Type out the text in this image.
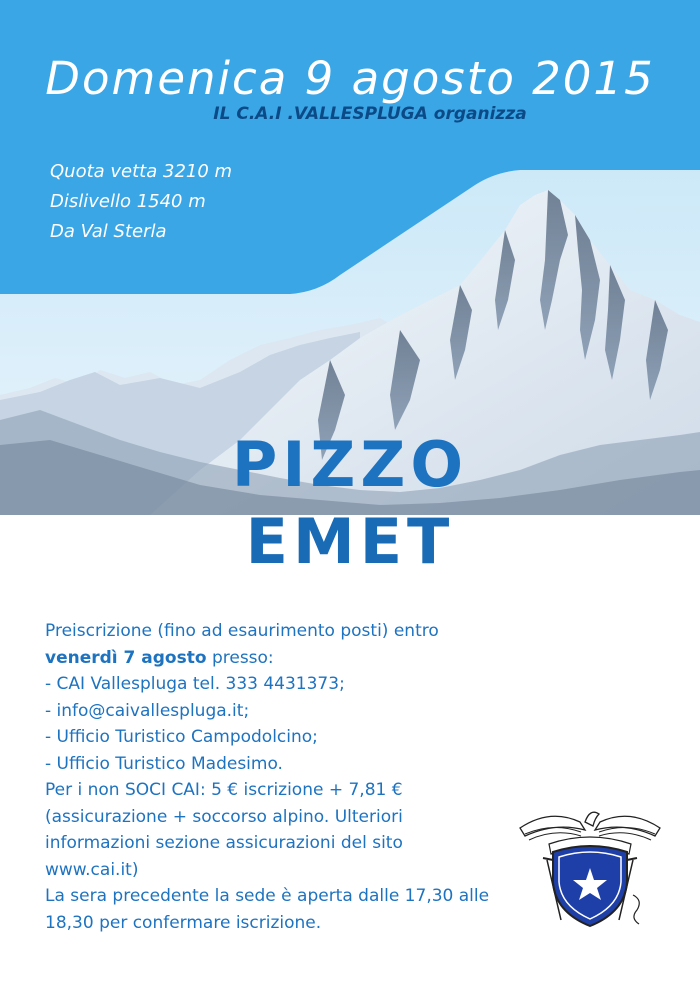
Domenica 9 agosto 2015
IL C.A.I .VALLESPLUGA organizza
Quota vetta 3210 m
Dislivello 1540 m
Da Val Sterla
PIZZO
EMET
Preiscrizione (fino ad esaurimento posti) entro
venerdì 7 agosto presso:
- CAI Vallespluga tel. 333 4431373;
- info@caivallespluga.it;
- Ufficio Turistico Campodolcino;
- Ufficio Turistico Madesimo.
Per i non SOCI CAI: 5 € iscrizione + 7,81 €
(assicurazione + soccorso alpino. Ulteriori
informazioni sezione assicurazioni del sito
www.cai.it)
La sera precedente la sede è aperta dalle 17,30 alle
18,30 per confermare iscrizione.
